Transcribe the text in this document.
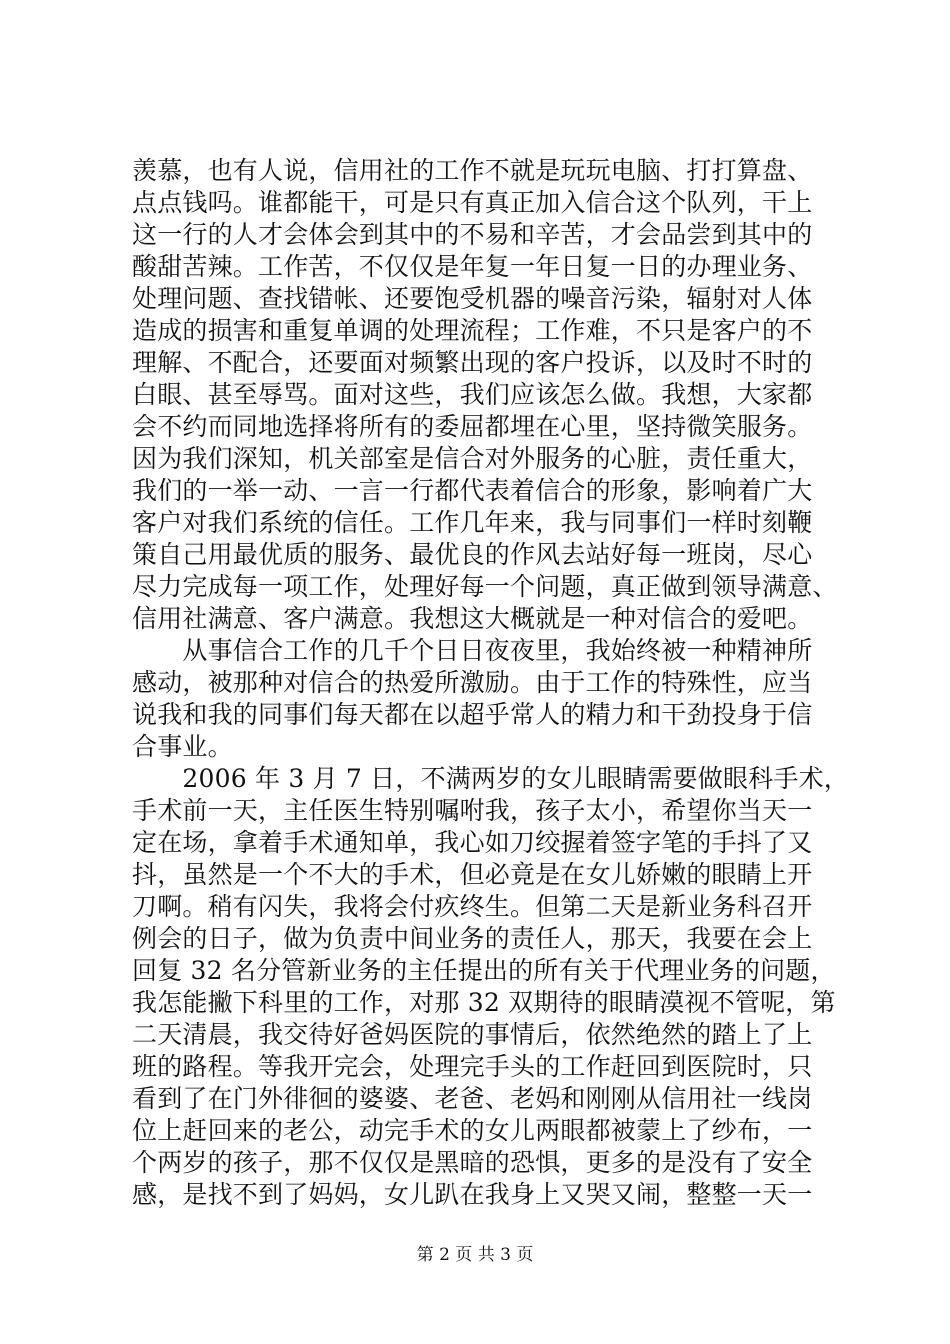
羡慕，也有人说，信用社的工作不就是玩玩电脑、打打算盘、
点点钱吗。谁都能干，可是只有真正加入信合这个队列，干上
这一行的人才会体会到其中的不易和辛苦，才会品尝到其中的
酸甜苦辣。工作苦，不仅仅是年复一年日复一日的办理业务、
处理问题、查找错帐、还要饱受机器的噪音污染，辐射对人体
造成的损害和重复单调的处理流程；工作难，不只是客户的不
理解、不配合，还要面对频繁出现的客户投诉，以及时不时的
白眼、甚至辱骂。面对这些，我们应该怎么做。我想，大家都
会不约而同地选择将所有的委屈都埋在心里，坚持微笑服务。
因为我们深知，机关部室是信合对外服务的心脏，责任重大，
我们的一举一动、一言一行都代表着信合的形象，影响着广大
客户对我们系统的信任。工作几年来，我与同事们一样时刻鞭
策自己用最优质的服务、最优良的作风去站好每一班岗，尽心
尽力完成每一项工作，处理好每一个问题，真正做到领导满意、
信用社满意、客户满意。我想这大概就是一种对信合的爱吧。
　　从事信合工作的几千个日日夜夜里，我始终被一种精神所
感动，被那种对信合的热爱所激励。由于工作的特殊性，应当
说我和我的同事们每天都在以超乎常人的精力和干劲投身于信
合事业。
　　2006 年 3 月 7 日，不满两岁的女儿眼睛需要做眼科手术，
手术前一天，主任医生特别嘱咐我，孩子太小，希望你当天一
定在场，拿着手术通知单，我心如刀绞握着签字笔的手抖了又
抖，虽然是一个不大的手术，但必竟是在女儿娇嫩的眼睛上开
刀啊。稍有闪失，我将会付疚终生。但第二天是新业务科召开
例会的日子，做为负责中间业务的责任人，那天，我要在会上
回复 32 名分管新业务的主任提出的所有关于代理业务的问题，
我怎能撇下科里的工作，对那 32 双期待的眼睛漠视不管呢，第
二天清晨，我交待好爸妈医院的事情后，依然绝然的踏上了上
班的路程。等我开完会，处理完手头的工作赶回到医院时，只
看到了在门外徘徊的婆婆、老爸、老妈和刚刚从信用社一线岗
位上赶回来的老公，动完手术的女儿两眼都被蒙上了纱布，一
个两岁的孩子，那不仅仅是黑暗的恐惧，更多的是没有了安全
感，是找不到了妈妈，女儿趴在我身上又哭又闹，整整一天一
第 2 页 共 3 页
